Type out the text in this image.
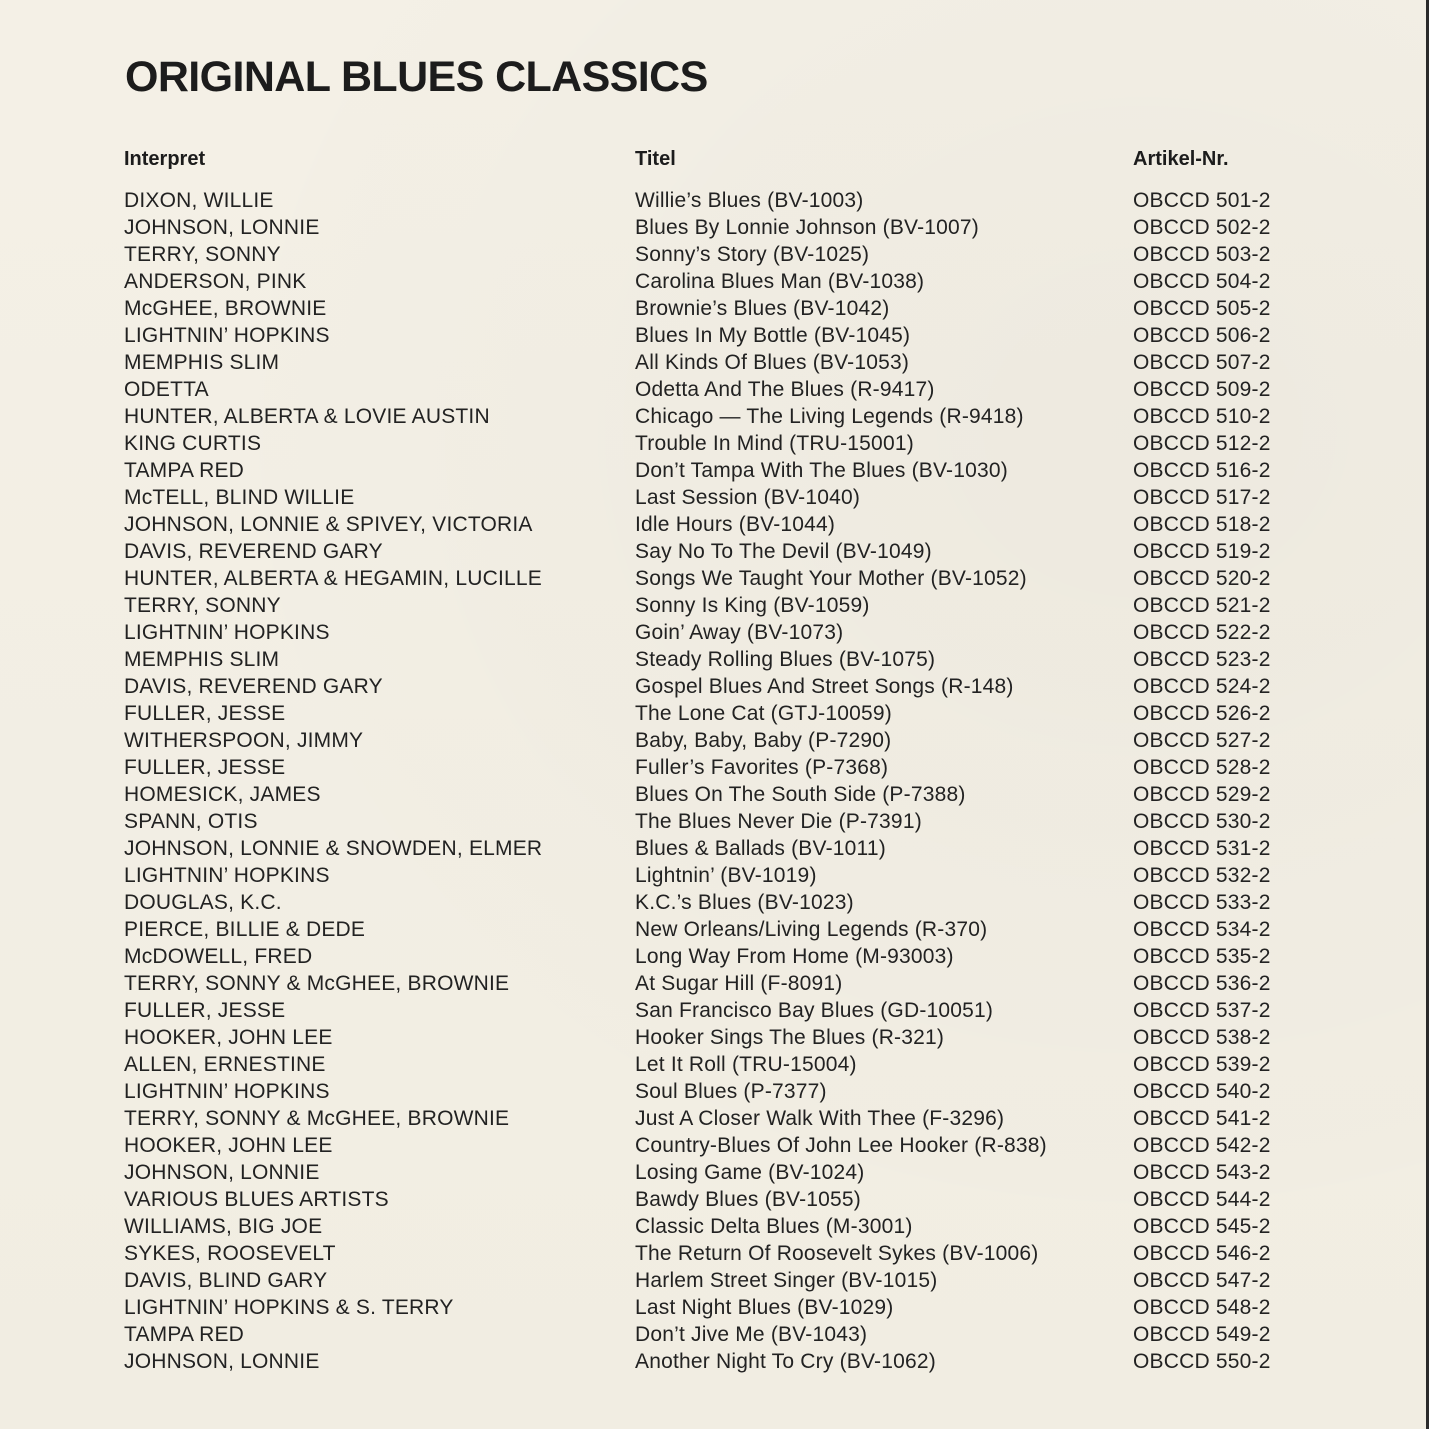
ORIGINAL BLUES CLASSICS
Interpret	Titel	Artikel-Nr.
DIXON, WILLIE	Willie’s Blues (BV-1003)	OBCCD 501-2
JOHNSON, LONNIE	Blues By Lonnie Johnson (BV-1007)	OBCCD 502-2
TERRY, SONNY	Sonny’s Story (BV-1025)	OBCCD 503-2
ANDERSON, PINK	Carolina Blues Man (BV-1038)	OBCCD 504-2
McGHEE, BROWNIE	Brownie’s Blues (BV-1042)	OBCCD 505-2
LIGHTNIN’ HOPKINS	Blues In My Bottle (BV-1045)	OBCCD 506-2
MEMPHIS SLIM	All Kinds Of Blues (BV-1053)	OBCCD 507-2
ODETTA	Odetta And The Blues (R-9417)	OBCCD 509-2
HUNTER, ALBERTA & LOVIE AUSTIN	Chicago — The Living Legends (R-9418)	OBCCD 510-2
KING CURTIS	Trouble In Mind (TRU-15001)	OBCCD 512-2
TAMPA RED	Don’t Tampa With The Blues (BV-1030)	OBCCD 516-2
McTELL, BLIND WILLIE	Last Session (BV-1040)	OBCCD 517-2
JOHNSON, LONNIE & SPIVEY, VICTORIA	Idle Hours (BV-1044)	OBCCD 518-2
DAVIS, REVEREND GARY	Say No To The Devil (BV-1049)	OBCCD 519-2
HUNTER, ALBERTA & HEGAMIN, LUCILLE	Songs We Taught Your Mother (BV-1052)	OBCCD 520-2
TERRY, SONNY	Sonny Is King (BV-1059)	OBCCD 521-2
LIGHTNIN’ HOPKINS	Goin’ Away (BV-1073)	OBCCD 522-2
MEMPHIS SLIM	Steady Rolling Blues (BV-1075)	OBCCD 523-2
DAVIS, REVEREND GARY	Gospel Blues And Street Songs (R-148)	OBCCD 524-2
FULLER, JESSE	The Lone Cat (GTJ-10059)	OBCCD 526-2
WITHERSPOON, JIMMY	Baby, Baby, Baby (P-7290)	OBCCD 527-2
FULLER, JESSE	Fuller’s Favorites (P-7368)	OBCCD 528-2
HOMESICK, JAMES	Blues On The South Side (P-7388)	OBCCD 529-2
SPANN, OTIS	The Blues Never Die (P-7391)	OBCCD 530-2
JOHNSON, LONNIE & SNOWDEN, ELMER	Blues & Ballads (BV-1011)	OBCCD 531-2
LIGHTNIN’ HOPKINS	Lightnin’ (BV-1019)	OBCCD 532-2
DOUGLAS, K.C.	K.C.’s Blues (BV-1023)	OBCCD 533-2
PIERCE, BILLIE & DEDE	New Orleans/Living Legends (R-370)	OBCCD 534-2
McDOWELL, FRED	Long Way From Home (M-93003)	OBCCD 535-2
TERRY, SONNY & McGHEE, BROWNIE	At Sugar Hill (F-8091)	OBCCD 536-2
FULLER, JESSE	San Francisco Bay Blues (GD-10051)	OBCCD 537-2
HOOKER, JOHN LEE	Hooker Sings The Blues (R-321)	OBCCD 538-2
ALLEN, ERNESTINE	Let It Roll (TRU-15004)	OBCCD 539-2
LIGHTNIN’ HOPKINS	Soul Blues (P-7377)	OBCCD 540-2
TERRY, SONNY & McGHEE, BROWNIE	Just A Closer Walk With Thee (F-3296)	OBCCD 541-2
HOOKER, JOHN LEE	Country-Blues Of John Lee Hooker (R-838)	OBCCD 542-2
JOHNSON, LONNIE	Losing Game (BV-1024)	OBCCD 543-2
VARIOUS BLUES ARTISTS	Bawdy Blues (BV-1055)	OBCCD 544-2
WILLIAMS, BIG JOE	Classic Delta Blues (M-3001)	OBCCD 545-2
SYKES, ROOSEVELT	The Return Of Roosevelt Sykes (BV-1006)	OBCCD 546-2
DAVIS, BLIND GARY	Harlem Street Singer (BV-1015)	OBCCD 547-2
LIGHTNIN’ HOPKINS & S. TERRY	Last Night Blues (BV-1029)	OBCCD 548-2
TAMPA RED	Don’t Jive Me (BV-1043)	OBCCD 549-2
JOHNSON, LONNIE	Another Night To Cry (BV-1062)	OBCCD 550-2
